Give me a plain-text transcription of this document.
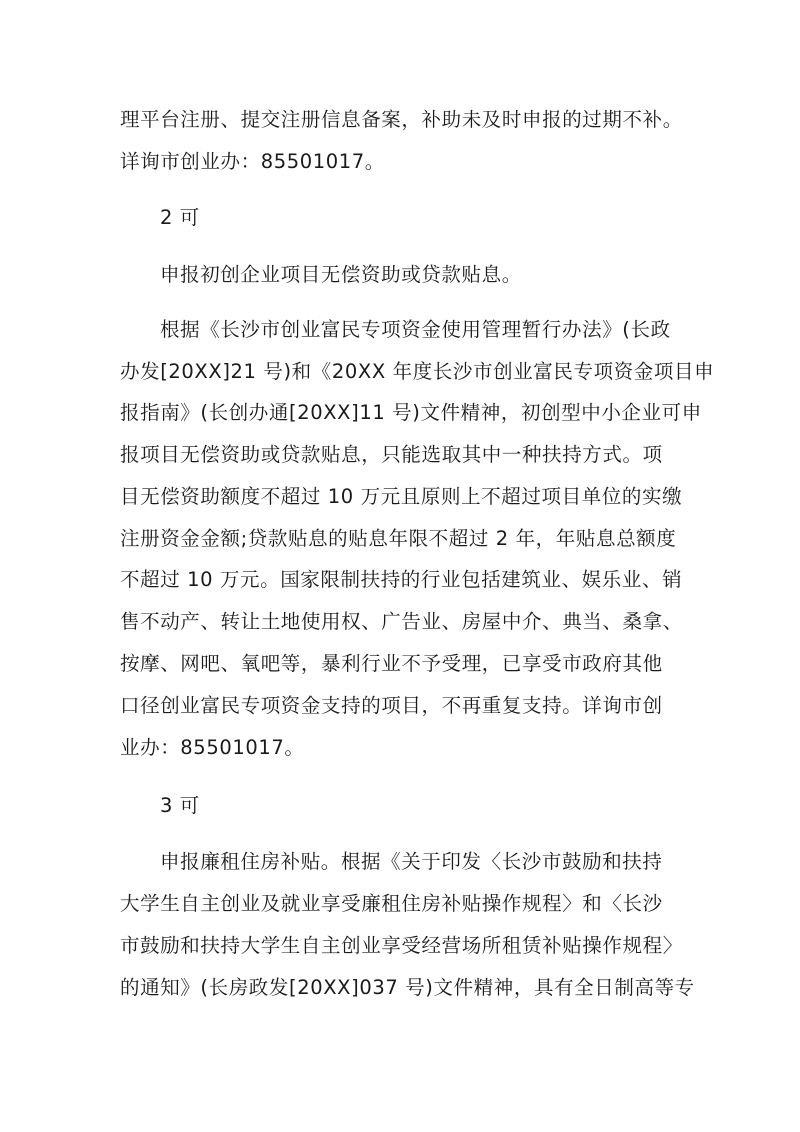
理平台注册、提交注册信息备案，补助未及时申报的过期不补。
详询市创业办：85501017。
2 可
申报初创企业项目无偿资助或贷款贴息。
根据《长沙市创业富民专项资金使用管理暂行办法》(长政
办发[20XX]21 号)和《20XX 年度长沙市创业富民专项资金项目申
报指南》(长创办通[20XX]11 号)文件精神，初创型中小企业可申
报项目无偿资助或贷款贴息，只能选取其中一种扶持方式。项
目无偿资助额度不超过 10 万元且原则上不超过项目单位的实缴
注册资金金额;贷款贴息的贴息年限不超过 2 年，年贴息总额度
不超过 10 万元。国家限制扶持的行业包括建筑业、娱乐业、销
售不动产、转让土地使用权、广告业、房屋中介、典当、桑拿、
按摩、网吧、氧吧等，暴利行业不予受理，已享受市政府其他
口径创业富民专项资金支持的项目，不再重复支持。详询市创
业办：85501017。
3 可
申报廉租住房补贴。根据《关于印发〈长沙市鼓励和扶持
大学生自主创业及就业享受廉租住房补贴操作规程〉和〈长沙
市鼓励和扶持大学生自主创业享受经营场所租赁补贴操作规程〉
的通知》(长房政发[20XX]037 号)文件精神，具有全日制高等专
